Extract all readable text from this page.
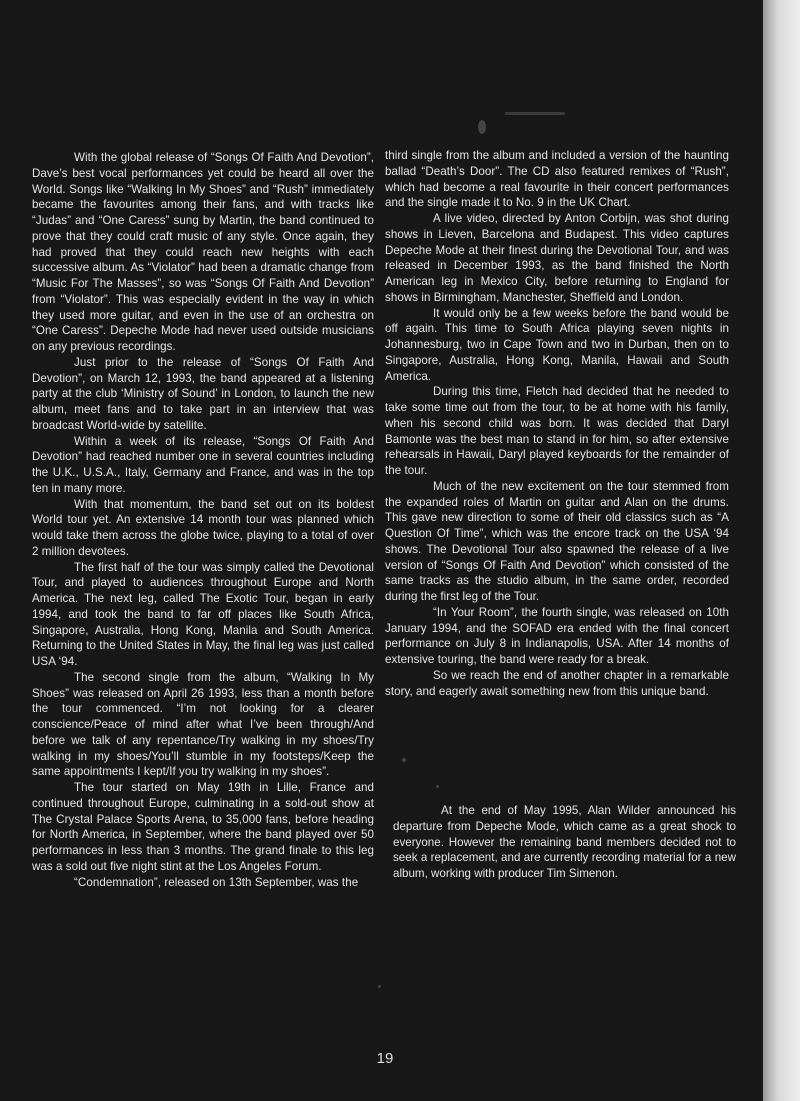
With the global release of “Songs Of Faith And Devotion”, Dave’s best vocal performances yet could be heard all over the World. Songs like “Walking In My Shoes” and “Rush” immediately became the favourites among their fans, and with tracks like “Judas” and “One Caress” sung by Martin, the band continued to prove that they could craft music of any style. Once again, they had proved that they could reach new heights with each successive album. As “Violator” had been a dramatic change from “Music For The Masses”, so was “Songs Of Faith And Devotion” from “Violator”. This was especially evident in the way in which they used more guitar, and even in the use of an orchestra on “One Caress”. Depeche Mode had never used outside musicians on any previous recordings.

Just prior to the release of “Songs Of Faith And Devotion”, on March 12, 1993, the band appeared at a listening party at the club ‘Ministry of Sound’ in London, to launch the new album, meet fans and to take part in an interview that was broadcast World-wide by satellite.

Within a week of its release, “Songs Of Faith And Devotion” had reached number one in several countries including the U.K., U.S.A., Italy, Germany and France, and was in the top ten in many more.

With that momentum, the band set out on its boldest World tour yet. An extensive 14 month tour was planned which would take them across the globe twice, playing to a total of over 2 million devotees.

The first half of the tour was simply called the Devotional Tour, and played to audiences throughout Europe and North America. The next leg, called The Exotic Tour, began in early 1994, and took the band to far off places like South Africa, Singapore, Australia, Hong Kong, Manila and South America. Returning to the United States in May, the final leg was just called USA ‘94.

The second single from the album, “Walking In My Shoes” was released on April 26 1993, less than a month before the tour commenced. “I’m not looking for a clearer conscience/Peace of mind after what I’ve been through/And before we talk of any repentance/Try walking in my shoes/Try walking in my shoes/You’ll stumble in my footsteps/Keep the same appointments I kept/If you try walking in my shoes”.

The tour started on May 19th in Lille, France and continued throughout Europe, culminating in a sold-out show at The Crystal Palace Sports Arena, to 35,000 fans, before heading for North America, in September, where the band played over 50 performances in less than 3 months. The grand finale to this leg was a sold out five night stint at the Los Angeles Forum.

“Condemnation”, released on 13th September, was the

third single from the album and included a version of the haunting ballad “Death’s Door”. The CD also featured remixes of “Rush”, which had become a real favourite in their concert performances and the single made it to No. 9 in the UK Chart.

A live video, directed by Anton Corbijn, was shot during shows in Lieven, Barcelona and Budapest. This video captures Depeche Mode at their finest during the Devotional Tour, and was released in December 1993, as the band finished the North American leg in Mexico City, before returning to England for shows in Birmingham, Manchester, Sheffield and London.

It would only be a few weeks before the band would be off again. This time to South Africa playing seven nights in Johannesburg, two in Cape Town and two in Durban, then on to Singapore, Australia, Hong Kong, Manila, Hawaii and South America.

During this time, Fletch had decided that he needed to take some time out from the tour, to be at home with his family, when his second child was born. It was decided that Daryl Bamonte was the best man to stand in for him, so after extensive rehearsals in Hawaii, Daryl played keyboards for the remainder of the tour.

Much of the new excitement on the tour stemmed from the expanded roles of Martin on guitar and Alan on the drums. This gave new direction to some of their old classics such as “A Question Of Time”, which was the encore track on the USA ‘94 shows. The Devotional Tour also spawned the release of a live version of “Songs Of Faith And Devotion” which consisted of the same tracks as the studio album, in the same order, recorded during the first leg of the Tour.

“In Your Room”, the fourth single, was released on 10th January 1994, and the SOFAD era ended with the final concert performance on July 8 in Indianapolis, USA. After 14 months of extensive touring, the band were ready for a break.

So we reach the end of another chapter in a remarkable story, and eagerly await something new from this unique band.

At the end of May 1995, Alan Wilder announced his departure from Depeche Mode, which came as a great shock to everyone. However the remaining band members decided not to seek a replacement, and are currently recording material for a new album, working with producer Tim Simenon.

19
